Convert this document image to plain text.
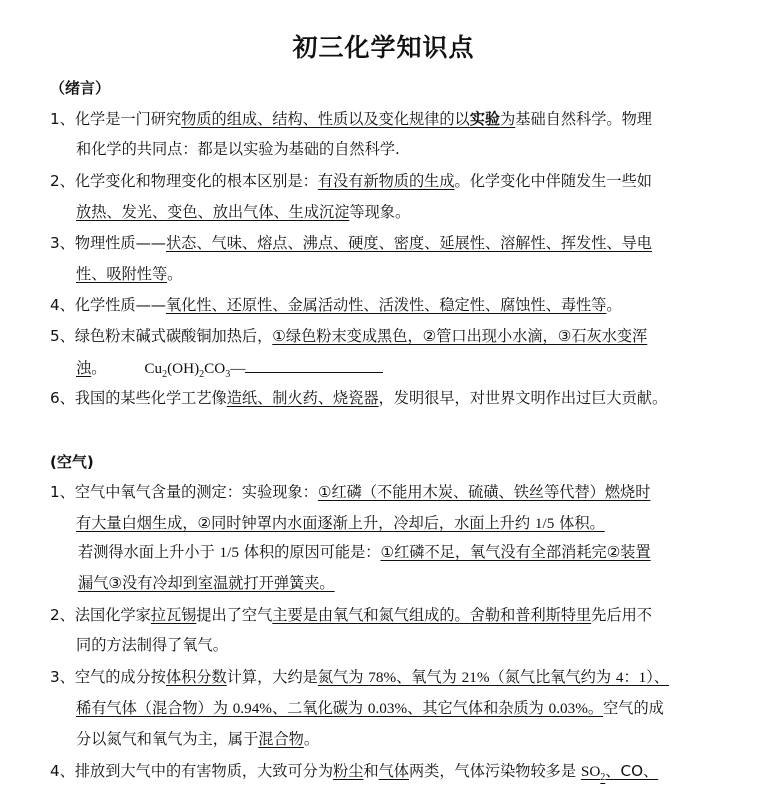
初三化学知识点
（绪言）
1、化学是一门研究物质的组成、结构、性质以及变化规律的以实验为基础自然科学。物理
和化学的共同点：都是以实验为基础的自然科学.
2、化学变化和物理变化的根本区别是：有没有新物质的生成。化学变化中伴随发生一些如
放热、发光、变色、放出气体、生成沉淀等现象。
3、物理性质——状态、气味、熔点、沸点、硬度、密度、延展性、溶解性、挥发性、导电
性、吸附性等。
4、化学性质——氧化性、还原性、金属活动性、活泼性、稳定性、腐蚀性、毒性等。
5、绿色粉末碱式碳酸铜加热后，①绿色粉末变成黑色，②管口出现小水滴，③石灰水变浑
浊。	$Cu_2(OH)_2CO_3—$
6、我国的某些化学工艺像造纸、制火药、烧瓷器，发明很早，对世界文明作出过巨大贡献。
(空气)
1、空气中氧气含量的测定：实验现象：①红磷（不能用木炭、硫磺、铁丝等代替）燃烧时
有大量白烟生成，②同时钟罩内水面逐渐上升，冷却后，水面上升约 1/5 体积。
若测得水面上升小于 1/5 体积的原因可能是：①红磷不足，氧气没有全部消耗完②装置
漏气③没有冷却到室温就打开弹簧夹。
2、法国化学家拉瓦锡提出了空气主要是由氧气和氮气组成的。舍勒和普利斯特里先后用不
同的方法制得了氧气。
3、空气的成分按体积分数计算，大约是氮气为 78%、氧气为 21%（氮气比氧气约为 4：1）、
稀有气体（混合物）为 0.94%、二氧化碳为 0.03%、其它气体和杂质为 0.03%。空气的成
分以氮气和氧气为主，属于混合物。
4、排放到大气中的有害物质，大致可分为粉尘和气体两类，气体污染物较多是 $SO_2$、CO、
